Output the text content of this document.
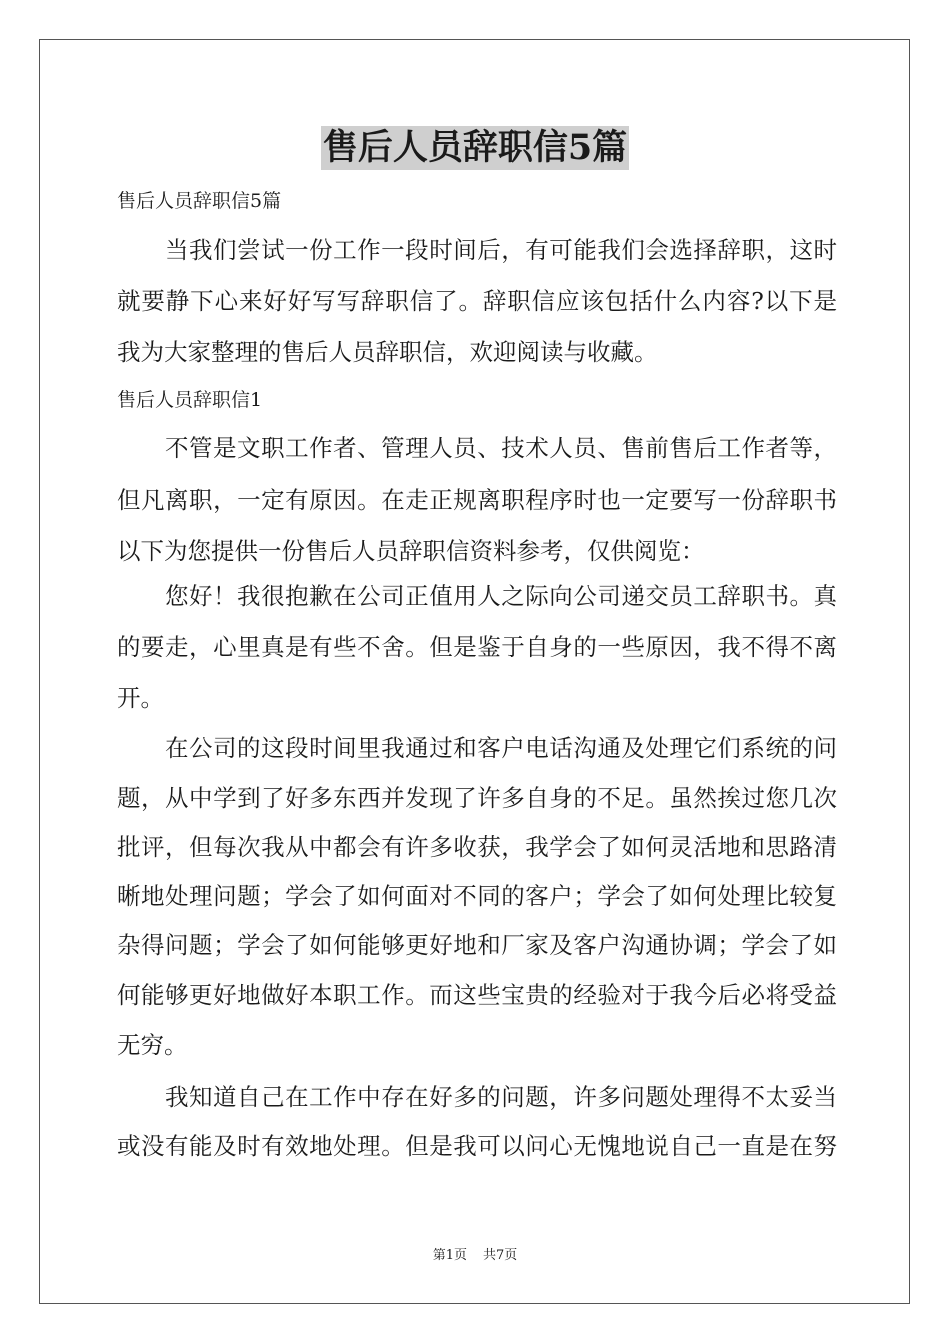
售后人员辞职信5篇
售后人员辞职信5篇
当我们尝试一份工作一段时间后，有可能我们会选择辞职，这时
就要静下心来好好写写辞职信了。辞职信应该包括什么内容?以下是
我为大家整理的售后人员辞职信，欢迎阅读与收藏。
售后人员辞职信1
不管是文职工作者、管理人员、技术人员、售前售后工作者等，
但凡离职，一定有原因。在走正规离职程序时也一定要写一份辞职书
以下为您提供一份售后人员辞职信资料参考，仅供阅览：
您好！我很抱歉在公司正值用人之际向公司递交员工辞职书。真
的要走，心里真是有些不舍。但是鉴于自身的一些原因，我不得不离
开。
在公司的这段时间里我通过和客户电话沟通及处理它们系统的问
题，从中学到了好多东西并发现了许多自身的不足。虽然挨过您几次
批评，但每次我从中都会有许多收获，我学会了如何灵活地和思路清
晰地处理问题；学会了如何面对不同的客户；学会了如何处理比较复
杂得问题；学会了如何能够更好地和厂家及客户沟通协调；学会了如
何能够更好地做好本职工作。而这些宝贵的经验对于我今后必将受益
无穷。
我知道自己在工作中存在好多的问题，许多问题处理得不太妥当
或没有能及时有效地处理。但是我可以问心无愧地说自己一直是在努
第1页 共7页
